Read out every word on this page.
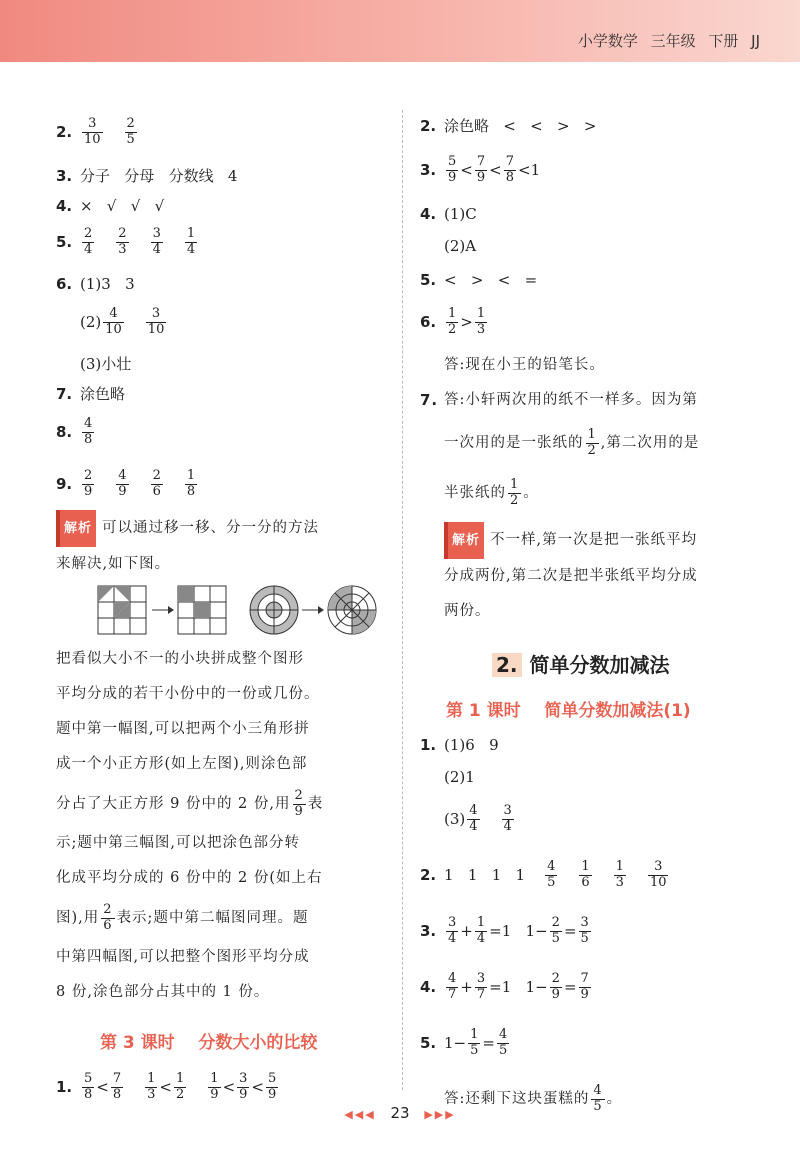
小学数学 三年级 下册 JJ
2. $\frac{3}{10} \frac{2}{5}$
3. 分子   分母   分数线   4
4. ×   √   √   √
5. $\frac{2}{4} \frac{2}{3} \frac{3}{4} \frac{1}{4}$
6. (1)3   3
$(2) \frac{4}{10} \frac{3}{10}$
(3)小壮
7. 涂色略
8. $\frac{4}{8}$
9. $\frac{2}{9} \frac{4}{9} \frac{2}{6} \frac{1}{8}$
解析 可以通过移一移、分一分的方法
来解决,如下图。
把看似大小不一的小块拼成整个图形
平均分成的若干小份中的一份或几份。
题中第一幅图,可以把两个小三角形拼
成一个小正方形(如上左图),则涂色部
分占了大正方形 9 份中的 2 份,用 $\frac{2}{9}$ 表
示;题中第三幅图,可以把涂色部分转
化成平均分成的 6 份中的 2 份(如上右
图),用 $\frac{2}{6}$ 表示;题中第二幅图同理。题
中第四幅图,可以把整个图形平均分成
8 份,涂色部分占其中的 1 份。
第 3 课时    分数大小的比较
1. $\frac{5}{8} < \frac{7}{8} \frac{1}{3} < \frac{1}{2} \frac{1}{9} < \frac{3}{9} < \frac{5}{9}$
2. 涂色略   <   <   >   >
3. $\frac{5}{9} < \frac{7}{9} < \frac{7}{8} <1$
4. (1)C
(2)A
5. <   >   <   =
6. $\frac{1}{2} > \frac{1}{3}$
答:现在小王的铅笔长。
7. 答:小轩两次用的纸不一样多。因为第
一次用的是一张纸的 $\frac{1}{2}$ ,第二次用的是
半张纸的 $\frac{1}{2}$ 。
解析 不一样,第一次是把一张纸平均
分成两份,第二次是把半张纸平均分成
两份。
2. 简单分数加减法
第 1 课时    简单分数加减法(1)
1. (1)6   9
(2)1
$(3) \frac{4}{4} \frac{3}{4}$
2. 1   1   1   $1 \frac{4}{5} \frac{1}{6} \frac{1}{3} \frac{3}{10}$
3. $\frac{3}{4} + \frac{1}{4} =1$   $1- \frac{2}{5} = \frac{3}{5}$
4. $\frac{4}{7} + \frac{3}{7} =1$   $1- \frac{2}{9} = \frac{7}{9}$
5. $1- \frac{1}{5} = \frac{4}{5}$
答:还剩下这块蛋糕的 $\frac{4}{5}$ 。
◀◀◀ 23 ▶▶▶
